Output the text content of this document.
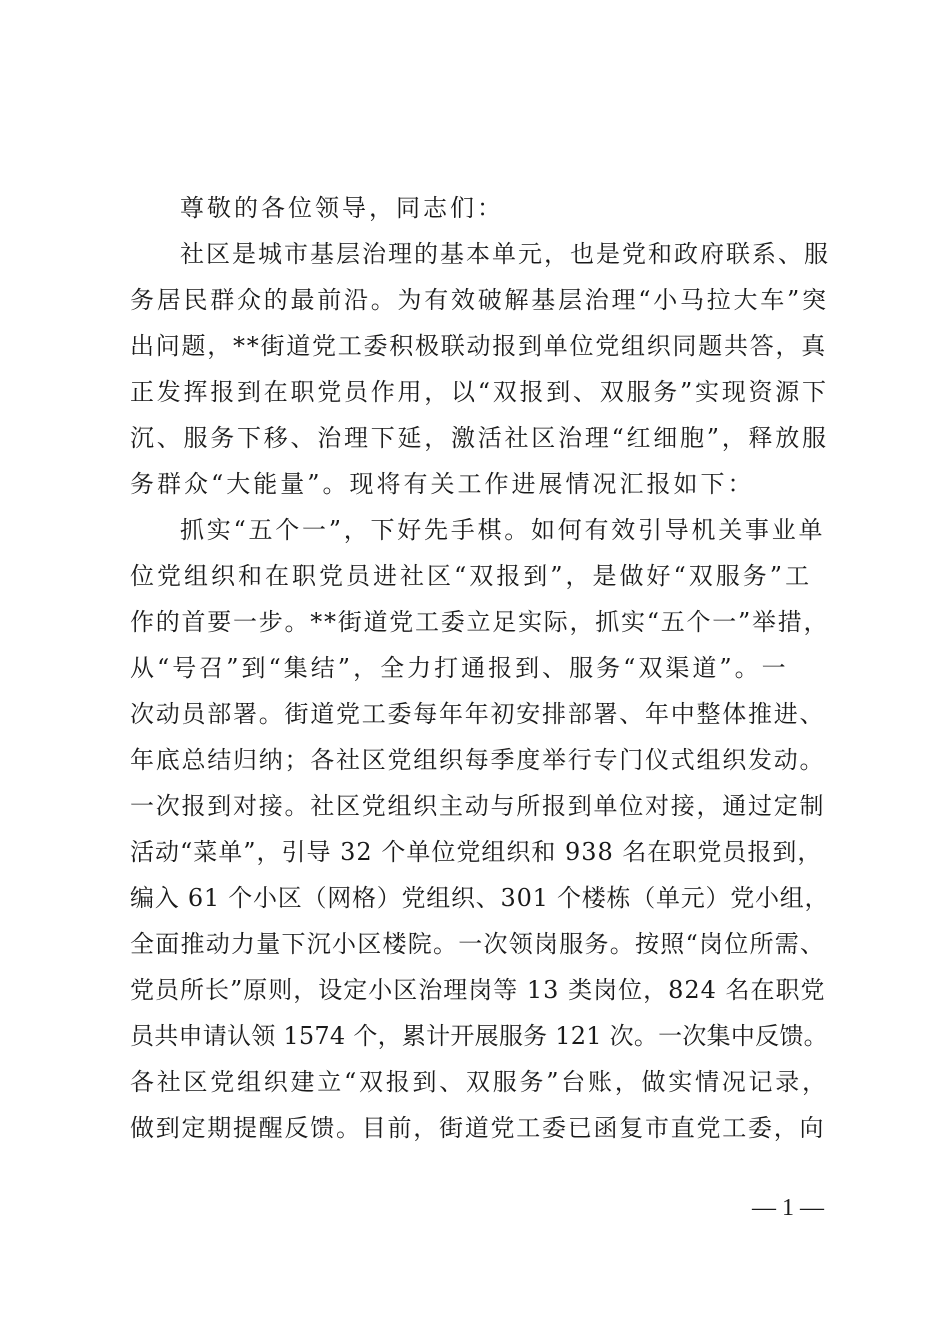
尊敬的各位领导，同志们：
社区是城市基层治理的基本单元，也是党和政府联系、服
务居民群众的最前沿。为有效破解基层治理“小马拉大车”突
出问题，**街道党工委积极联动报到单位党组织同题共答，真
正发挥报到在职党员作用，以“双报到、双服务”实现资源下
沉、服务下移、治理下延，激活社区治理“红细胞”，释放服
务群众“大能量”。现将有关工作进展情况汇报如下：
抓实“五个一”，下好先手棋。如何有效引导机关事业单
位党组织和在职党员进社区“双报到”，是做好“双服务”工
作的首要一步。**街道党工委立足实际，抓实“五个一”举措，
从“号召”到“集结”，全力打通报到、服务“双渠道”。一
次动员部署。街道党工委每年年初安排部署、年中整体推进、
年底总结归纳；各社区党组织每季度举行专门仪式组织发动。
一次报到对接。社区党组织主动与所报到单位对接，通过定制
活动“菜单”，引导 32 个单位党组织和 938 名在职党员报到，
编入 61 个小区（网格）党组织、301 个楼栋（单元）党小组，
全面推动力量下沉小区楼院。一次领岗服务。按照“岗位所需、
党员所长”原则，设定小区治理岗等 13 类岗位，824 名在职党
员共申请认领 1574 个，累计开展服务 121 次。一次集中反馈。
各社区党组织建立“双报到、双服务”台账，做实情况记录，
做到定期提醒反馈。目前，街道党工委已函复市直党工委，向
— 1 —
